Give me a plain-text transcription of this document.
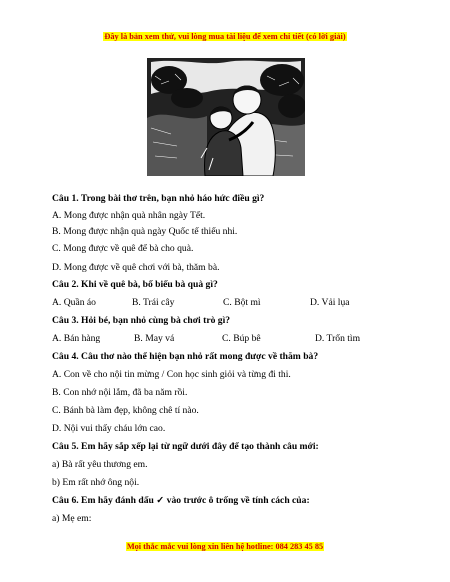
Đây là bản xem thử, vui lòng mua tài liệu để xem chi tiết (có lời giải)
Câu 1. Trong bài thơ trên, bạn nhỏ háo hức điều gì?
A. Mong được nhận quà nhân ngày Tết.
B. Mong được nhận quà ngày Quốc tế thiếu nhi.
C. Mong được về quê để bà cho quà.
D. Mong được về quê chơi với bà, thăm bà.
Câu 2. Khi về quê bà, bố biếu bà quà gì?
A. Quần áo	B. Trái cây	C. Bột mì	D. Vải lụa
Câu 3. Hỏi bé, bạn nhỏ cùng bà chơi trò gì?
A. Bán hàng	B. May vá	C. Búp bê	D. Trốn tìm
Câu 4. Câu thơ nào thể hiện bạn nhỏ rất mong được về thăm bà?
A. Con về cho nội tin mừng / Con học sinh giỏi và từng đi thi.
B. Con nhớ nội lắm, đã ba năm rồi.
C. Bánh bà làm đẹp, không chê tí nào.
D. Nội vui thấy cháu lớn cao.
Câu 5. Em hãy sắp xếp lại từ ngữ dưới đây để tạo thành câu mới:
a) Bà rất yêu thương em.
b) Em rất nhớ ông nội.
Câu 6. Em hãy đánh dấu ✓ vào trước ô trống về tính cách của:
a) Mẹ em:
Mọi thắc mắc vui lòng xin liên hệ hotline: 084 283 45 85
